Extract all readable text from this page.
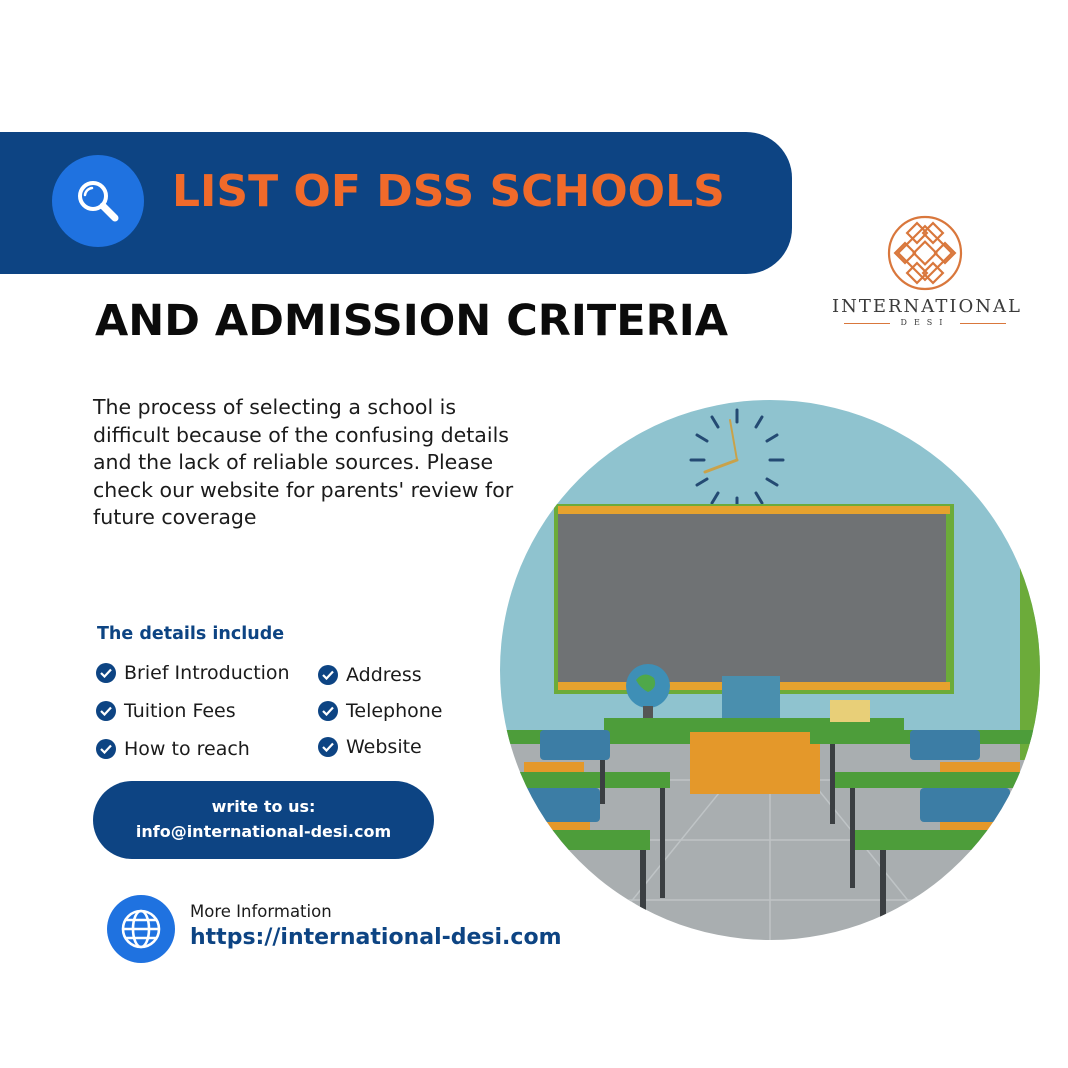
LIST OF DSS SCHOOLS
AND ADMISSION CRITERIA	INTERNATIONAL
DESI
The process of selecting a school is difficult because of the confusing details and the lack of reliable sources. Please check our website for parents' review for future coverage
The details include
Brief Introduction
Tuition Fees
How to reach
Address
Telephone
Website
write to us:
info@international-desi.com
More Information
https://international-desi.com
